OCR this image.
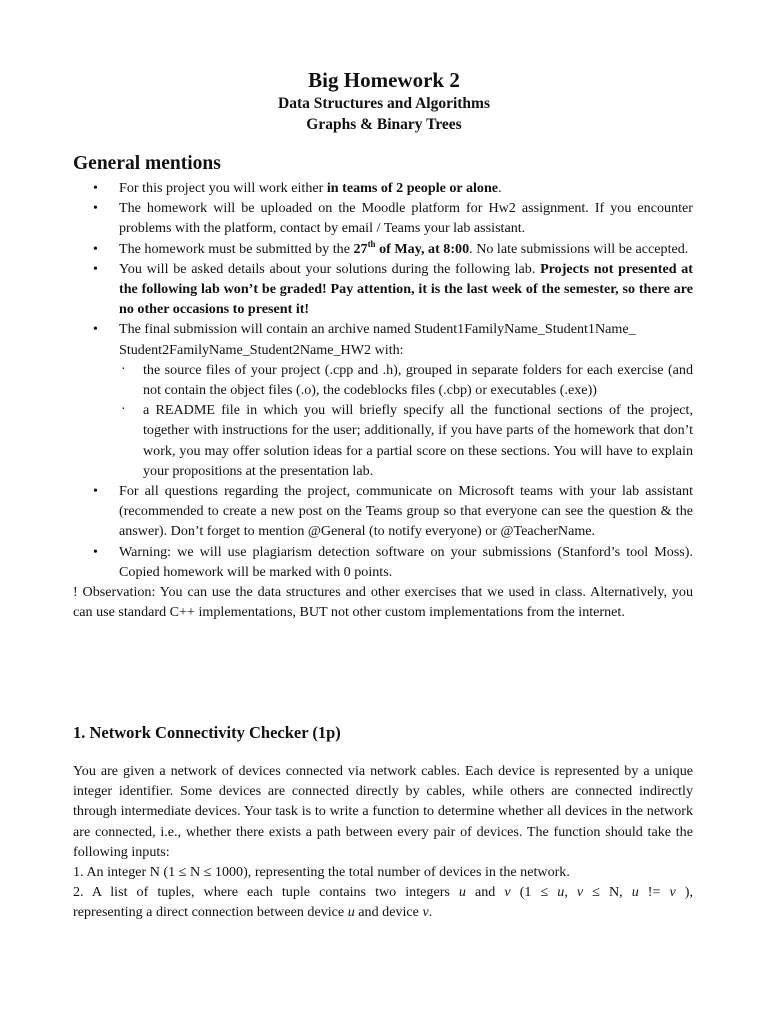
Big Homework 2
Data Structures and Algorithms
Graphs & Binary Trees
General mentions
• For this project you will work either in teams of 2 people or alone.
• The homework will be uploaded on the Moodle platform for Hw2 assignment. If you encounter problems with the platform, contact by email / Teams your lab assistant.
• The homework must be submitted by the 27th of May, at 8:00. No late submissions will be accepted.
• You will be asked details about your solutions during the following lab. Projects not presented at the following lab won’t be graded! Pay attention, it is the last week of the semester, so there are no other occasions to present it!
• The final submission will contain an archive named Student1FamilyName_Student1Name_
Student2FamilyName_Student2Name_HW2 with:
· the source files of your project (.cpp and .h), grouped in separate folders for each exercise (and not contain the object files (.o), the codeblocks files (.cbp) or executables (.exe))
· a README file in which you will briefly specify all the functional sections of the project, together with instructions for the user; additionally, if you have parts of the homework that don’t work, you may offer solution ideas for a partial score on these sections. You will have to explain your propositions at the presentation lab.
• For all questions regarding the project, communicate on Microsoft teams with your lab assistant (recommended to create a new post on the Teams group so that everyone can see the question & the answer). Don’t forget to mention @General (to notify everyone) or @TeacherName.
• Warning: we will use plagiarism detection software on your submissions (Stanford’s tool Moss). Copied homework will be marked with 0 points.
! Observation: You can use the data structures and other exercises that we used in class. Alternatively, you can use standard C++ implementations, BUT not other custom implementations from the internet.
1. Network Connectivity Checker (1p)
You are given a network of devices connected via network cables. Each device is represented by a unique integer identifier. Some devices are connected directly by cables, while others are connected indirectly through intermediate devices. Your task is to write a function to determine whether all devices in the network are connected, i.e., whether there exists a path between every pair of devices. The function should take the following inputs:
1. An integer N (1 ≤ N ≤ 1000), representing the total number of devices in the network.
2. A list of tuples, where each tuple contains two integers u and v (1 ≤ u, v ≤ N, u != v ),
representing a direct connection between device u and device v.
